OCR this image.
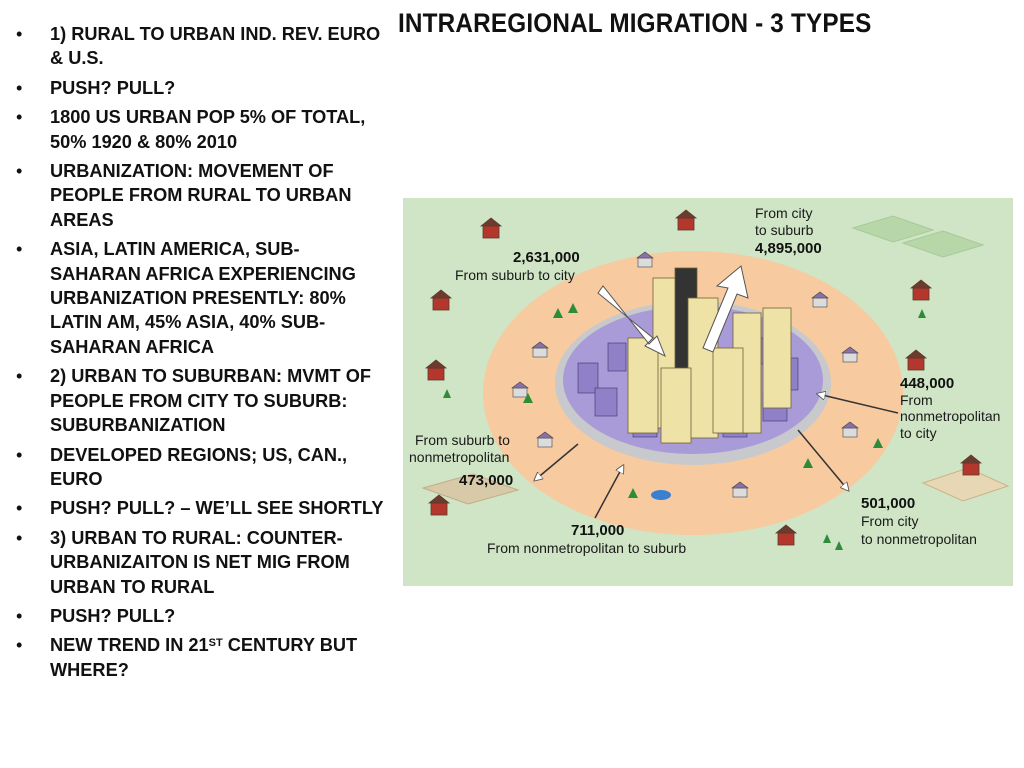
INTRAREGIONAL MIGRATION - 3 TYPES
• 1) RURAL TO URBAN IND. REV. EURO & U.S.
• PUSH? PULL?
• 1800 US URBAN POP 5% OF TOTAL, 50% 1920 & 80% 2010
• URBANIZATION: MOVEMENT OF PEOPLE FROM RURAL TO URBAN AREAS
• ASIA, LATIN AMERICA, SUB-SAHARAN AFRICA EXPERIENCING URBANIZATION PRESENTLY: 80% LATIN AM, 45% ASIA, 40% SUB-SAHARAN AFRICA
• 2) URBAN TO SUBURBAN: MVMT OF PEOPLE FROM CITY TO SUBURB: SUBURBANIZATION
• DEVELOPED REGIONS; US, CAN., EURO
• PUSH? PULL? – WE’LL SEE SHORTLY
• 3) URBAN TO RURAL: COUNTER-URBANIZAITON IS NET MIG FROM URBAN TO RURAL
• PUSH? PULL?
• NEW TREND IN 21ST CENTURY BUT WHERE?
2,631,000
From suburb to city
From city
to suburb
4,895,000
448,000
From
nonmetropolitan
to city
From suburb to
nonmetropolitan
473,000
711,000
From nonmetropolitan to suburb
501,000
From city
to nonmetropolitan
